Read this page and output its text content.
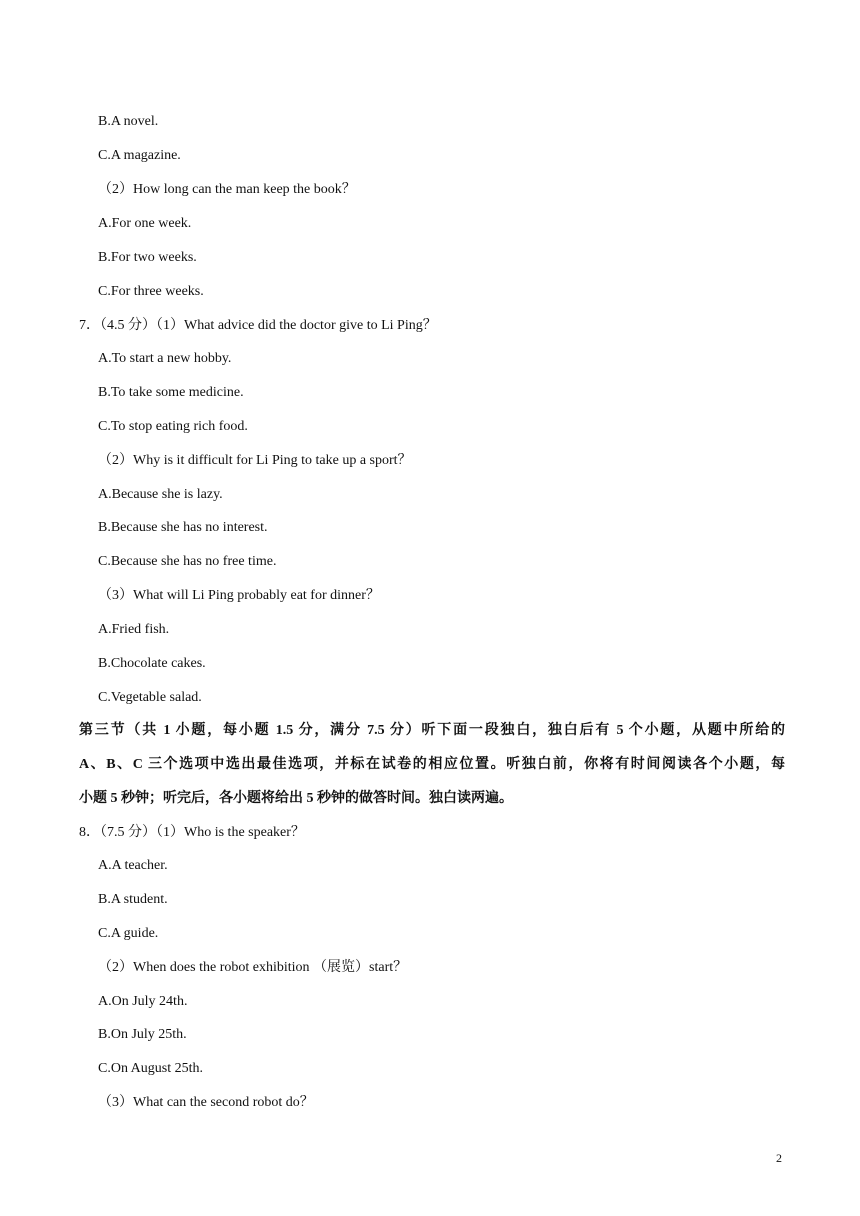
B.A novel.
C.A magazine.
（2）How long can the man keep the book？
A.For one week.
B.For two weeks.
C.For three weeks.
7．（4.5 分）（1）What advice did the doctor give to Li Ping？
A.To start a new hobby.
B.To take some medicine.
C.To stop eating rich food.
（2）Why is it difficult for Li Ping to take up a sport？
A.Because she is lazy.
B.Because she has no interest.
C.Because she has no free time.
（3）What will Li Ping probably eat for dinner？
A.Fried fish.
B.Chocolate cakes.
C.Vegetable salad.
第三节（共 1 小题，每小题 1.5 分，满分 7.5 分）听下面一段独白，独白后有 5 个小题，从题中所给的
A、B、C 三个选项中选出最佳选项，并标在试卷的相应位置。听独白前，你将有时间阅读各个小题，每
小题 5 秒钟；听完后，各小题将给出 5 秒钟的做答时间。独白读两遍。
8．（7.5 分）（1）Who is the speaker？
A.A teacher.
B.A student.
C.A guide.
（2）When does the robot exhibition （展览）start？
A.On July 24th.
B.On July 25th.
C.On August 25th.
（3）What can the second robot do？
2
